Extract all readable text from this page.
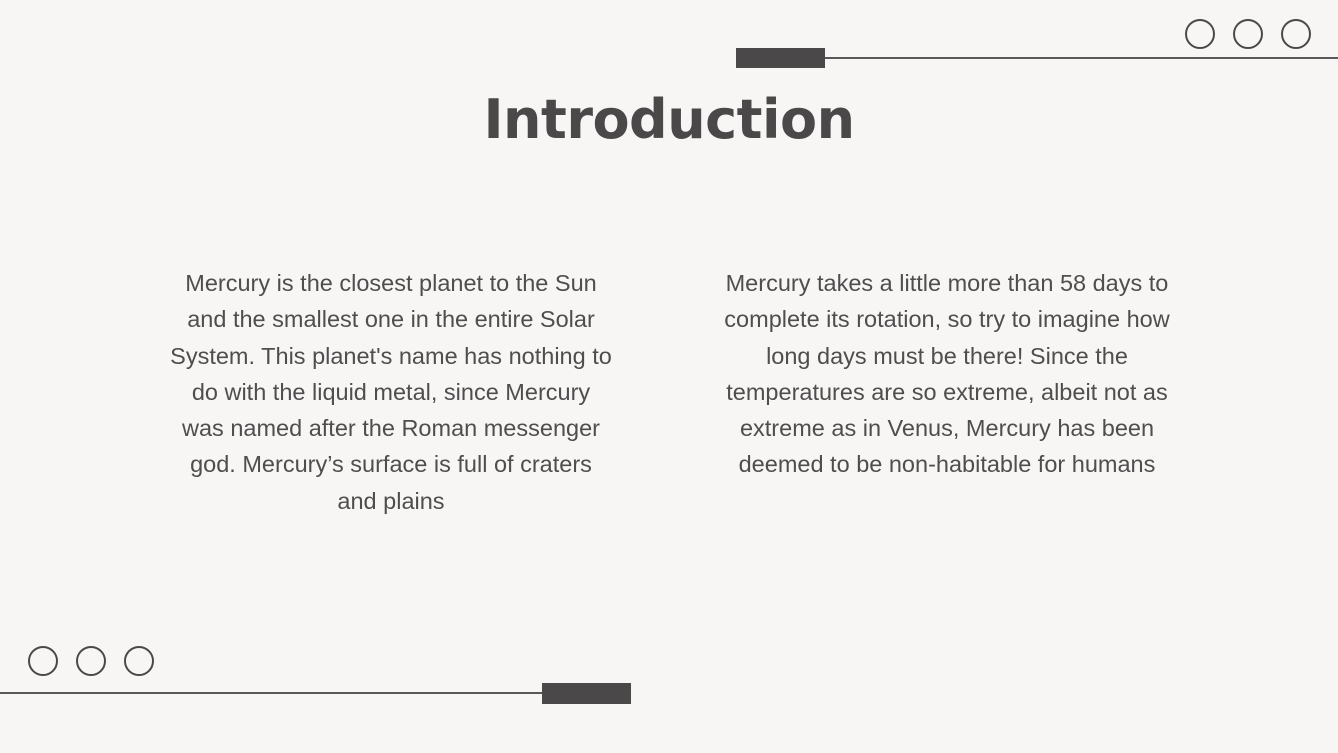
Introduction

Mercury is the closest planet to the Sun and the smallest one in the entire Solar System. This planet's name has nothing to do with the liquid metal, since Mercury was named after the Roman messenger god. Mercury’s surface is full of craters and plains

Mercury takes a little more than 58 days to complete its rotation, so try to imagine how long days must be there! Since the temperatures are so extreme, albeit not as extreme as in Venus, Mercury has been deemed to be non-habitable for humans
